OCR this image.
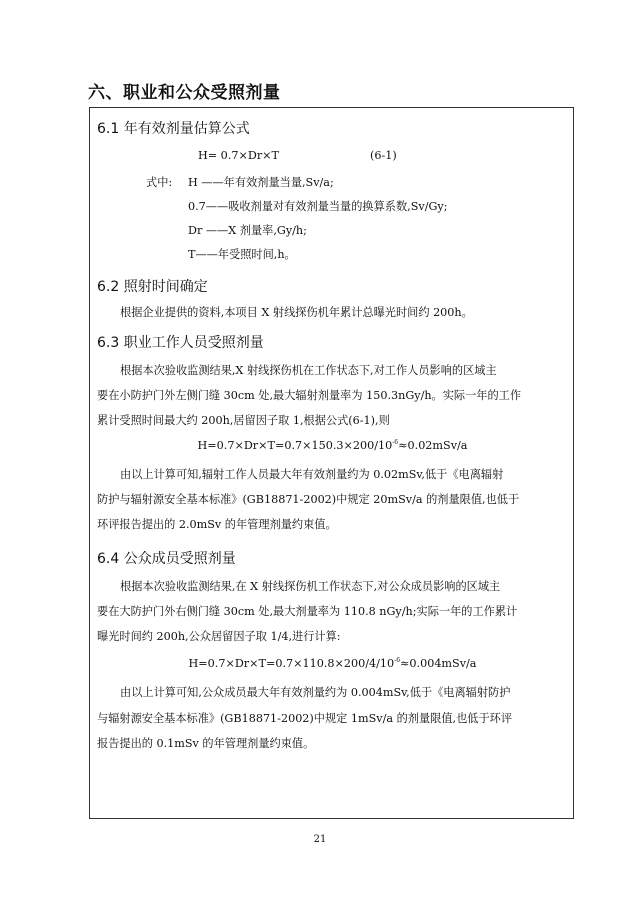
六、职业和公众受照剂量
6.1 年有效剂量估算公式

H= 0.7×Dr×T	(6-1)

式中: H ——年有效剂量当量,Sv/a;

0.7——吸收剂量对有效剂量当量的换算系数,Sv/Gy;

Dr ——X 剂量率,Gy/h;

T——年受照时间,h。

6.2 照射时间确定

根据企业提供的资料,本项目 X 射线探伤机年累计总曝光时间约 200h。

6.3 职业工作人员受照剂量

根据本次验收监测结果,X 射线探伤机在工作状态下,对工作人员影响的区域主

要在小防护门外左侧门缝 30cm 处,最大辐射剂量率为 150.3nGy/h。实际一年的工作

累计受照时间最大约 200h,居留因子取 1,根据公式(6-1),则

$H=0.7\times Dr\times T=0.7\times 150.3\times 200/10^{-6}\approx 0.02mSv/a$

由以上计算可知,辐射工作人员最大年有效剂量约为 0.02mSv,低于《电离辐射

防护与辐射源安全基本标准》(GB18871-2002)中规定 20mSv/a 的剂量限值,也低于

环评报告提出的 2.0mSv 的年管理剂量约束值。

6.4 公众成员受照剂量

根据本次验收监测结果,在 X 射线探伤机工作状态下,对公众成员影响的区域主

要在大防护门外右侧门缝 30cm 处,最大剂量率为 110.8 nGy/h;实际一年的工作累计

曝光时间约 200h,公众居留因子取 1/4,进行计算:

$H=0.7\times Dr\times T=0.7\times 110.8\times 200/4/10^{-6}\approx 0.004mSv/a$

由以上计算可知,公众成员最大年有效剂量约为 0.004mSv,低于《电离辐射防护

与辐射源安全基本标准》(GB18871-2002)中规定 1mSv/a 的剂量限值,也低于环评

报告提出的 0.1mSv 的年管理剂量约束值。

21
